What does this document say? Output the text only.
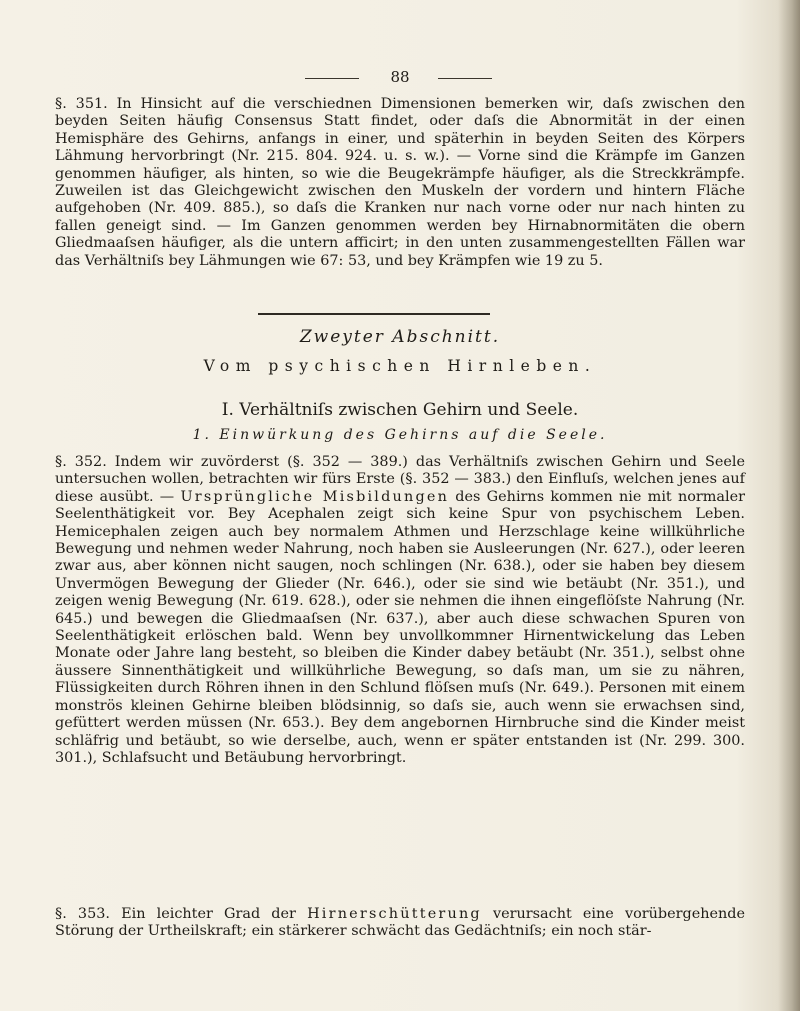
88

§. 351. In Hinsicht auf die verschiednen Dimensionen bemerken wir, daſs zwischen den beyden Seiten häufig Consensus Statt findet, oder daſs die Abnormität in der einen Hemisphäre des Gehirns, anfangs in einer, und späterhin in beyden Seiten des Körpers Lähmung hervorbringt (Nr. 215. 804. 924. u. s. w.). — Vorne sind die Krämpfe im Ganzen genommen häufiger, als hinten, so wie die Beugekrämpfe häufiger, als die Streckkrämpfe. Zuweilen ist das Gleichgewicht zwischen den Muskeln der vordern und hintern Fläche aufgehoben (Nr. 409. 885.), so daſs die Kranken nur nach vorne oder nur nach hinten zu fallen geneigt sind. — Im Ganzen genommen werden bey Hirnabnormitäten die obern Gliedmaaſsen häufiger, als die untern afficirt; in den unten zusammengestellten Fällen war das Verhältniſs bey Lähmungen wie 67: 53, und bey Krämpfen wie 19 zu 5.

Zweyter Abschnitt.
Vom psychischen Hirnleben.
I. Verhältniſs zwischen Gehirn und Seele.
1. Einwürkung des Gehirns auf die Seele.

§. 352. Indem wir zuvörderst (§. 352 — 389.) das Verhältniſs zwischen Gehirn und Seele untersuchen wollen, betrachten wir fürs Erste (§. 352 — 383.) den Einfluſs, welchen jenes auf diese ausübt. — Ursprüngliche Misbildungen des Gehirns kommen nie mit normaler Seelenthätigkeit vor. Bey Acephalen zeigt sich keine Spur von psychischem Leben. Hemicephalen zeigen auch bey normalem Athmen und Herzschlage keine willkührliche Bewegung und nehmen weder Nahrung, noch haben sie Ausleerungen (Nr. 627.), oder leeren zwar aus, aber können nicht saugen, noch schlingen (Nr. 638.), oder sie haben bey diesem Unvermögen Bewegung der Glieder (Nr. 646.), oder sie sind wie betäubt (Nr. 351.), und zeigen wenig Bewegung (Nr. 619. 628.), oder sie nehmen die ihnen eingeflöſste Nahrung (Nr. 645.) und bewegen die Gliedmaaſsen (Nr. 637.), aber auch diese schwachen Spuren von Seelenthätigkeit erlöschen bald. Wenn bey unvollkommner Hirnentwickelung das Leben Monate oder Jahre lang besteht, so bleiben die Kinder dabey betäubt (Nr. 351.), selbst ohne äussere Sinnenthätigkeit und willkührliche Bewegung, so daſs man, um sie zu nähren, Flüssigkeiten durch Röhren ihnen in den Schlund flöſsen muſs (Nr. 649.). Personen mit einem monströs kleinen Gehirne bleiben blödsinnig, so daſs sie, auch wenn sie erwachsen sind, gefüttert werden müssen (Nr. 653.). Bey dem angebornen Hirnbruche sind die Kinder meist schläfrig und betäubt, so wie derselbe, auch, wenn er später entstanden ist (Nr. 299. 300. 301.), Schlafsucht und Betäubung hervorbringt.

§. 353. Ein leichter Grad der Hirnerschütterung verursacht eine vorübergehende Störung der Urtheilskraft; ein stärkerer schwächt das Gedächtniſs; ein noch stär-
